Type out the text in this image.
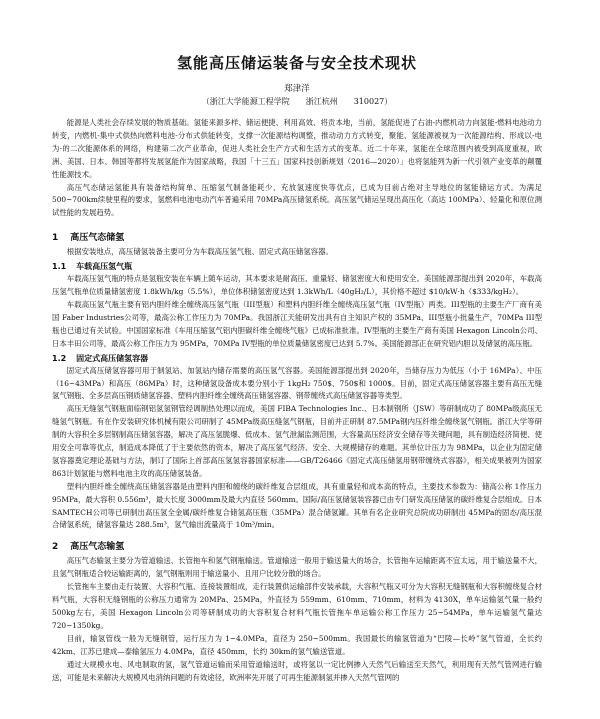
氢能高压储运装备与安全技术现状
郑津洋
（浙江大学能源工程学院 浙江杭州 310027）

能源是人类社会存续发展的物质基础。氢能来源多样、储运便捷、利用高效、将贡本地，当前，氢能促进了右油-内燃机动力向氢能-燃料电池动力转变，内燃机-集中式供热向燃料电池-分布式供能转变，支撑一次能源结构调整，推动动力方式转变，聚能、氢能源被视为一次能源结构、形成以-电为-的二次能源体系的网络，构建第二次产业革命，促进人类社会生产方式和生活方式的变革。近二十年来，氢能在全球范围内被受到高度重视，欧洲、美国、日本、韩国等都将发展氢能作为国家战略，我国「十三五」国家科技创新规划（2016—2020）」也将氢能列为新一代引领产业变革的颠覆性能源技术。

高压气态储运氢能具有装备结构简单、压缩氢气制备能耗少、充放氢速度快等优点，已成为目前占绝对主导地位的氢能储运方式。为满足 500~700km续驶里程的要求，氢燃料电池电动汽车普遍采用 70MPa高压储氢系统。高压氢气储运呈现出高压化（高达 100MPa）、轻量化和原位测试性能的发展趋势。

1 高压气态储氢

根据安装地点，高压储氢装备主要可分为车载高压氢气瓶、固定式高压储氢容器。

1.1 车载高压氢气瓶

车载高压氢气瓶的特点是氢瓶安装在车辆上随车运动，其本要求是耐高压、重量轻、储氢密度大和使用安全。美国能源部提出到 2020年，车载高压氢气瓶单位质量储氢密度 1.8kWh/kg（5.5%），单位体积储氢密度达到 1.3kWh/L（40gH₂/L），其价格不超过 $10/kW·h（$333/kgH₂）。

车载高压氢气瓶主要有铝内胆纤维全缠绕高压氢气瓶（III型瓶）和塑料内胆纤维全缠绕高压氢气瓶（IV型瓶）两类。III型瓶的主要生产厂商有美国 Faber Industries公司等，最高公称工作压力为 70MPa。我国浙江天能研发出具有自主知识产权的 35MPa、III型瓶小批量生产，70MPa III型瓶也已通过有关试验。中国国家标准《车用压缩氢气铝内胆碳纤维全缠绕气瓶》已成标准批准。IV型瓶的主要生产商有美国 Hexagon Lincoln公司、日本丰田公司等，最高公称工作压力为 95MPa，70MPa IV型瓶的单位质量储氢密度已达到 5.7%。美国能源部正在研究铝内胆以及储氢的高压瓶。

1.2 固定式高压储氢容器

固定式高压储氢容器可用于制氢站、加氢站内储存需要的高压氢气容器。美国能源部提出到 2020年，当储存压力为低压（小于 16MPa）、中压（16~43MPa）和高压（86MPa）时，这种储氢设备成本要分别小于 1kgH₂ 750$、750$和 1000$。目前，固定式高压储氢容器主要有高压无缝氢气钢瓶、全多层高压钢质储氢容器、塑料内胆纤维全缠绕高压储氢容器、钢带缠绕式高压储氢容器等类型。

高压无缝氢气钢瓶面临钢铝氢氢钢管经调制热处理以而成，美国 FIBA Technologies Inc.、日本制钢所（JSW）等研制成功了 80MPa级高压无缝氢气钢瓶。有在作安装研究体机械有限公司研制了 45MPa级高压缝氢气钢瓶，目前并正研制 87.5MPa钢内压纤维全缠绕氢气钢瓶。浙江大学等研制的大容积全多层钢制高压储氢容器，解决了高压氢脆爆、低成本、氢气泄漏监测范围，大容量高压经济安全储存等关键问题，具有制造经济简便、使用安全可靠等优点，制造成本降低了于主要依然的资本，解决了高压氢气经济、安全、大规模储存的难题。其单位计压力为 98MPa，以企业为固定储氢容器奠定理论基础与方法，制订了国际上首部高压氢氢容器国家标准——GB/T26466《固定式高压储氢用钢带缠绕式容器》，相关成果被列为国家 863计划氢能与燃料电池主攻的高压储氢装备。

塑料内胆纤维全缠绕高压储氢容器是由塑料内胆和缠绕的碳纤维复合层组成，具有重量轻和成本高的特点，主要技术参数为：储高公称 1作压力 95MPa，最大容积 0.556m³，最大长度 3000mm及最大内直径 560mm。国际/高压氢储氢装容器已由专门研发高压储氢的碳纤维复合层组成。日本 SAMTECH公司等已研制出高压氢全金属/碳纤维复合储氢高压瓶（35MPa）混合储氢罐。其单有名企业研究总院成功研制出 45MPa的固态/高压混合储氢系统，储氢容量达 288.5m³，氢气输出流量高于 10m³/min。

2 高压气态输氢

高压气态输氢主要分为管道输送、长管拖车和氢气钢瓶输送。管道输送一般用于输送量大的场合，长管拖车运输距离不宜太远，用于输送量不大，且氢气钢瓶适合较运输距离的，氢气钢瓶则用于输送量小、且用户比较分散的场合。

长管拖车主要由走行装置、大容积气瓶、连接装置组成，走行装置供运输部件安装承载，大容积气瓶又可分为大容积无缝钢瓶和大容积缠绕复合材料气瓶，大容积无缝钢瓶的公称压力通常为 20MPa、25MPa，外直径为 559mm、610mm、710mm，材料为 4130X，单车运输氢气量一般约 500kg左右，美国 Hexagon Lincoln公司等研制成功的大容积复合材料气瓶长管拖车单运输公称工作压力 25~54MPa，单车运输氢气量达 720~1350kg。

目前，输氢管线一般为无缝钢管，运行压力为 1~4.0MPa，直径为 250~500mm。我国最长的输氢管道为“巴陵—长岭”氢气管道，全长约 42km、江苏已建成—泰输氢压力 4.0MPa，直径 450mm，长约 30km的氢气输送管道。

通过大规模水电、风电制取的氢，氢气管道运输而采用管道输送时，或将氢以一定比例掺入天然气后输送至天然气，利用现有天然气管网进行输送，可能是未来解决大规模风电消纳问题的有效途径，欧洲率先开展了可再生能源制氢并掺入天然气管网的
